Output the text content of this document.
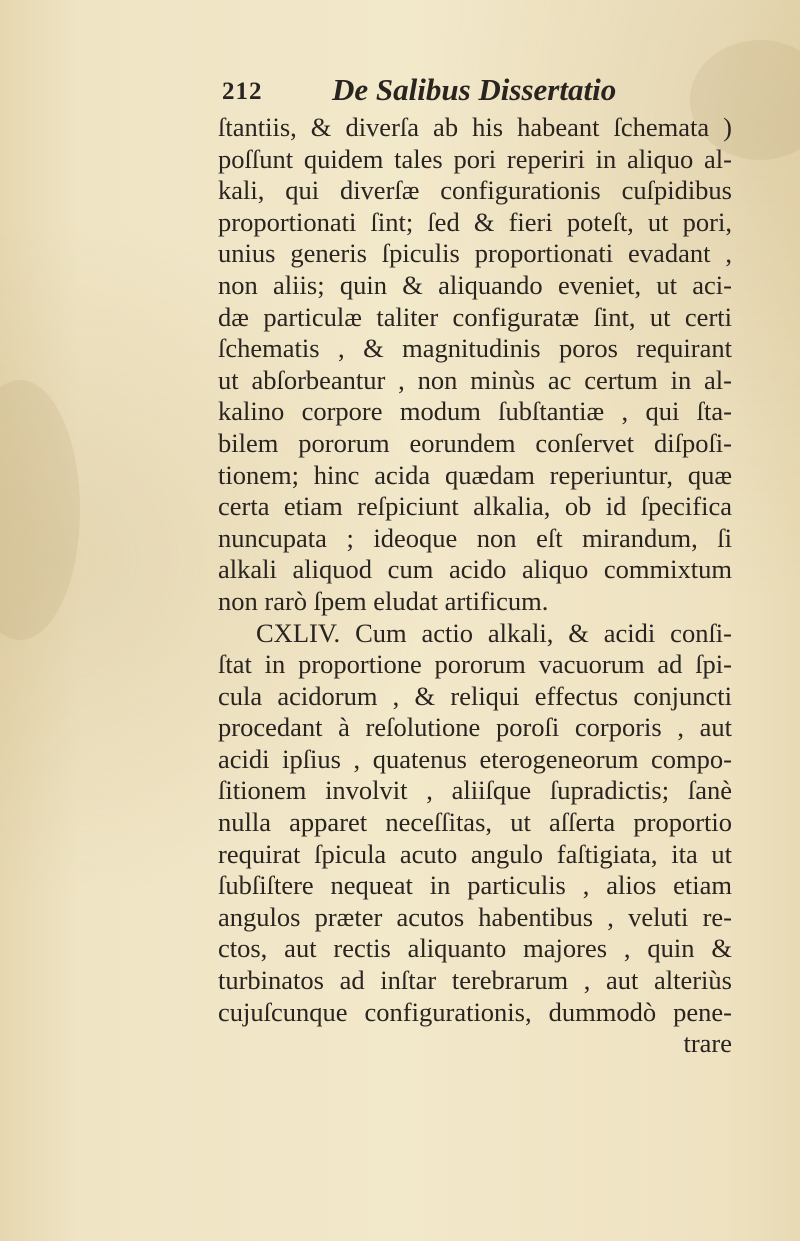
212 De Salibus Dissertatio
ſtantiis, & diverſa ab his habeant ſchemata )
poſſunt quidem tales pori reperiri in aliquo al-
kali, qui diverſæ configurationis cuſpidibus
proportionati ſint; ſed & fieri poteſt, ut pori,
unius generis ſpiculis proportionati evadant ,
non aliis; quin & aliquando eveniet, ut aci-
dæ particulæ taliter configuratæ ſint, ut certi
ſchematis , & magnitudinis poros requirant
ut abſorbeantur , non minùs ac certum in al-
kalino corpore modum ſubſtantiæ , qui ſta-
bilem pororum eorundem conſervet diſpoſi-
tionem; hinc acida quædam reperiuntur, quæ
certa etiam reſpiciunt alkalia, ob id ſpecifica
nuncupata ; ideoque non eſt mirandum, ſi
alkali aliquod cum acido aliquo commixtum
non rarò ſpem eludat artificum.
CXLIV. Cum actio alkali, & acidi conſi-
ſtat in proportione pororum vacuorum ad ſpi-
cula acidorum , & reliqui effectus conjuncti
procedant à reſolutione poroſi corporis , aut
acidi ipſius , quatenus eterogeneorum compo-
ſitionem involvit , aliiſque ſupradictis; ſanè
nulla apparet neceſſitas, ut aſſerta proportio
requirat ſpicula acuto angulo faſtigiata, ita ut
ſubſiſtere nequeat in particulis , alios etiam
angulos præter acutos habentibus , veluti re-
ctos, aut rectis aliquanto majores , quin &
turbinatos ad inſtar terebrarum , aut alteriùs
cujuſcunque configurationis, dummodò pene-
trare
